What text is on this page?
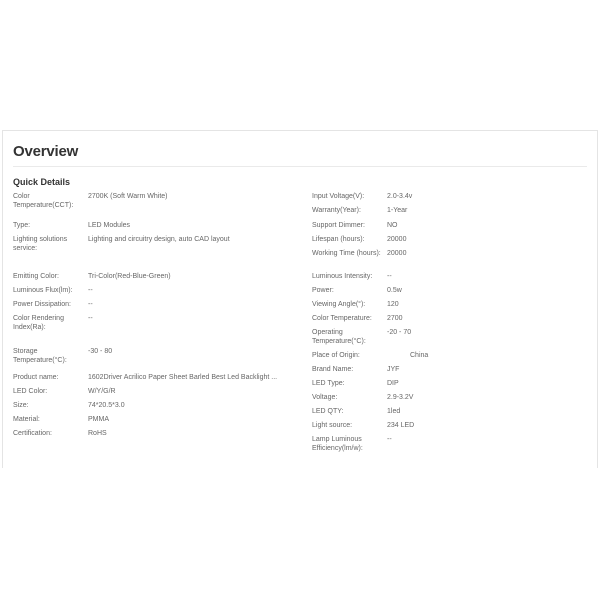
Overview
Quick Details
Color Temperature(CCT):
2700K (Soft Warm White)
Type:	LED Modules
Lighting solutions service:
Lighting and circuitry design, auto CAD layout
Emitting Color:	Tri-Color(Red-Blue-Green)
Luminous Flux(lm):	--
Power Dissipation:	--
Color Rendering Index(Ra):
--
Storage Temperature(°C):
-30 - 80
Product name:	1602Driver Acrilico Paper Sheet Barled Best Led Backlight ...
LED Color:	W/Y/G/R
Size:	74*20.5*3.0
Material:	PMMA
Certification:	RoHS
Input Voltage(V):	2.0-3.4v
Warranty(Year):	1-Year
Support Dimmer:	NO
Lifespan (hours):	20000
Working Time (hours): 20000
Luminous Intensity:	--
Power:	0.5w
Viewing Angle(°):	120
Color Temperature:	2700
Operating Temperature(°C):
-20 - 70
Place of Origin:	China
Brand Name:	JYF
LED Type:	DIP
Voltage:	2.9-3.2V
LED QTY:	1led
Light source:	234 LED
Lamp Luminous Efficiency(lm/w):
--
